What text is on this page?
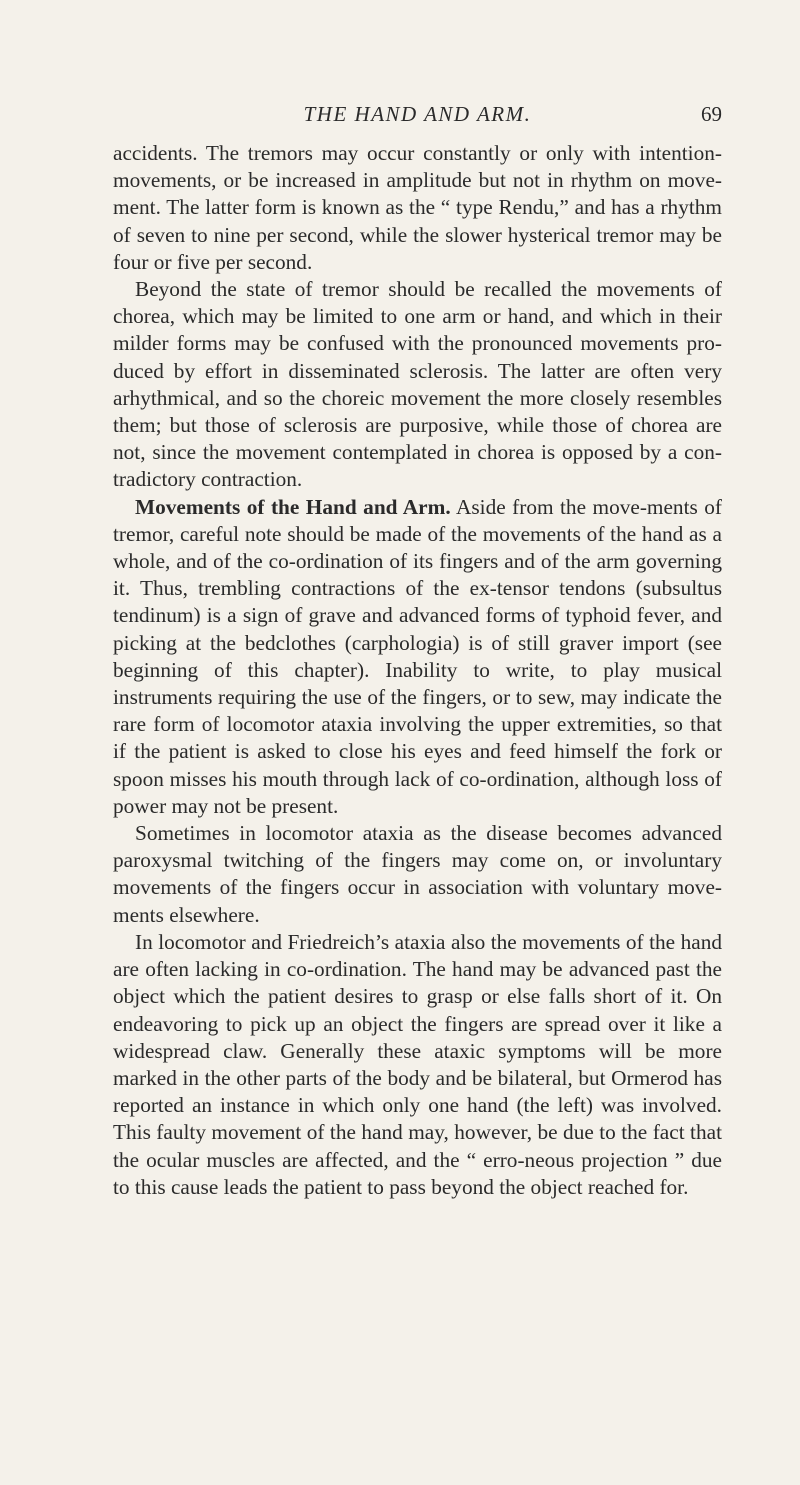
THE HAND AND ARM.	69

accidents. The tremors may occur constantly or only with intention-movements, or be increased in amplitude but not in rhythm on move-ment. The latter form is known as the “ type Rendu,” and has a rhythm of seven to nine per second, while the slower hysterical tremor may be four or five per second.

Beyond the state of tremor should be recalled the movements of chorea, which may be limited to one arm or hand, and which in their milder forms may be confused with the pronounced movements pro-duced by effort in disseminated sclerosis. The latter are often very arhythmical, and so the choreic movement the more closely resembles them; but those of sclerosis are purposive, while those of chorea are not, since the movement contemplated in chorea is opposed by a con-tradictory contraction.

Movements of the Hand and Arm. Aside from the move-ments of tremor, careful note should be made of the movements of the hand as a whole, and of the co-ordination of its fingers and of the arm governing it. Thus, trembling contractions of the ex-tensor tendons (subsultus tendinum) is a sign of grave and advanced forms of typhoid fever, and picking at the bedclothes (carphologia) is of still graver import (see beginning of this chapter). Inability to write, to play musical instruments requiring the use of the fingers, or to sew, may indicate the rare form of locomotor ataxia involving the upper extremities, so that if the patient is asked to close his eyes and feed himself the fork or spoon misses his mouth through lack of co-ordination, although loss of power may not be present.

Sometimes in locomotor ataxia as the disease becomes advanced paroxysmal twitching of the fingers may come on, or involuntary movements of the fingers occur in association with voluntary move-ments elsewhere.

In locomotor and Friedreich’s ataxia also the movements of the hand are often lacking in co-ordination. The hand may be advanced past the object which the patient desires to grasp or else falls short of it. On endeavoring to pick up an object the fingers are spread over it like a widespread claw. Generally these ataxic symptoms will be more marked in the other parts of the body and be bilateral, but Ormerod has reported an instance in which only one hand (the left) was involved. This faulty movement of the hand may, however, be due to the fact that the ocular muscles are affected, and the “ erro-neous projection ” due to this cause leads the patient to pass beyond the object reached for.
